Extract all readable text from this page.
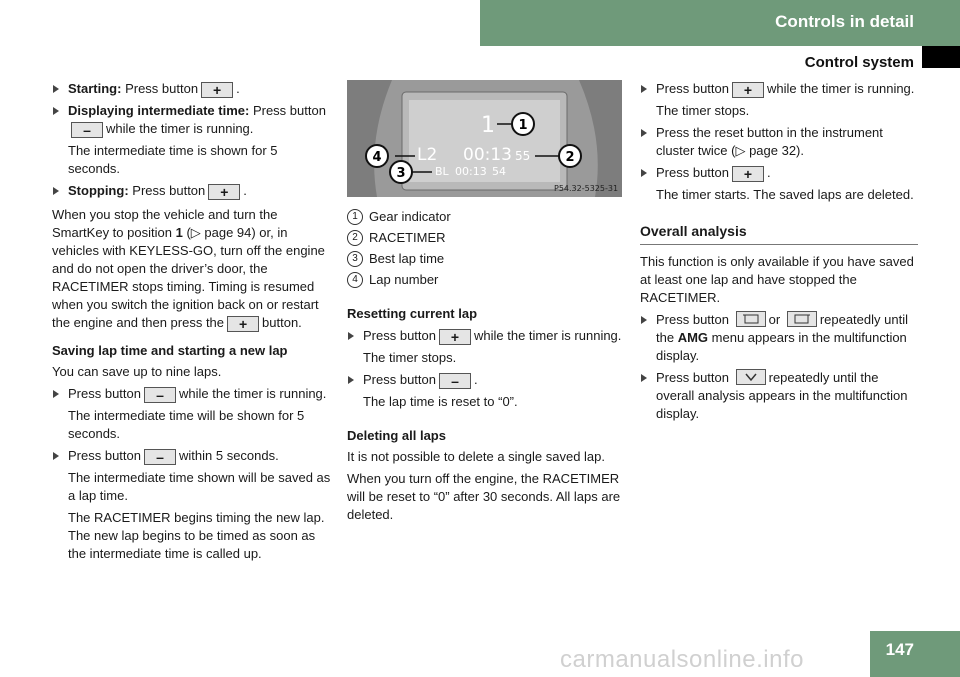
Controls in detail
Control system

Starting: Press button + .

Displaying intermediate time: Press button– while the timer is running.

The intermediate time is shown for 5 seconds.

Stopping: Press button + .

When you stop the vehicle and turn the SmartKey to position 1 (▷ page 94) or, in vehicles with KEYLESS-GO, turn off the engine and do not open the driver’s door, the RACETIMER stops timing. Timing is resumed when you switch the ignition back on or restart the engine and then press the + button.

Saving lap time and starting a new lap

You can save up to nine laps.

Press button – while the timer is running.

The intermediate time will be shown for 5 seconds.

Press button – within 5 seconds.

The intermediate time shown will be saved as a lap time.

The RACETIMER begins timing the new lap. The new lap begins to be timed as soon as the intermediate time is called up.

1
L2 00:13 55
BL 00:13 54
1
2
3
4
P54.32-5325-31

1 Gear indicator

2 RACETIMER

3 Best lap time

4 Lap number

Resetting current lap

Press button + while the timer is running.

The timer stops.

Press button – .

The lap time is reset to “0”.

Deleting all laps

It is not possible to delete a single saved lap.

When you turn off the engine, the RACETIMER will be reset to “0” after 30 seconds. All laps are deleted.

Press button + while the timer is running.

The timer stops.

Press the reset button in the instrument cluster twice (▷ page 32).

Press button + .

The timer starts. The saved laps are deleted.

Overall analysis

This function is only available if you have saved at least one lap and have stopped the RACETIMER.

Press button	or	repeatedly until the AMG menu appears in the multifunction display.

Press button	repeatedly until the overall analysis appears in the multifunction display.

147
carmanualsonline.info
